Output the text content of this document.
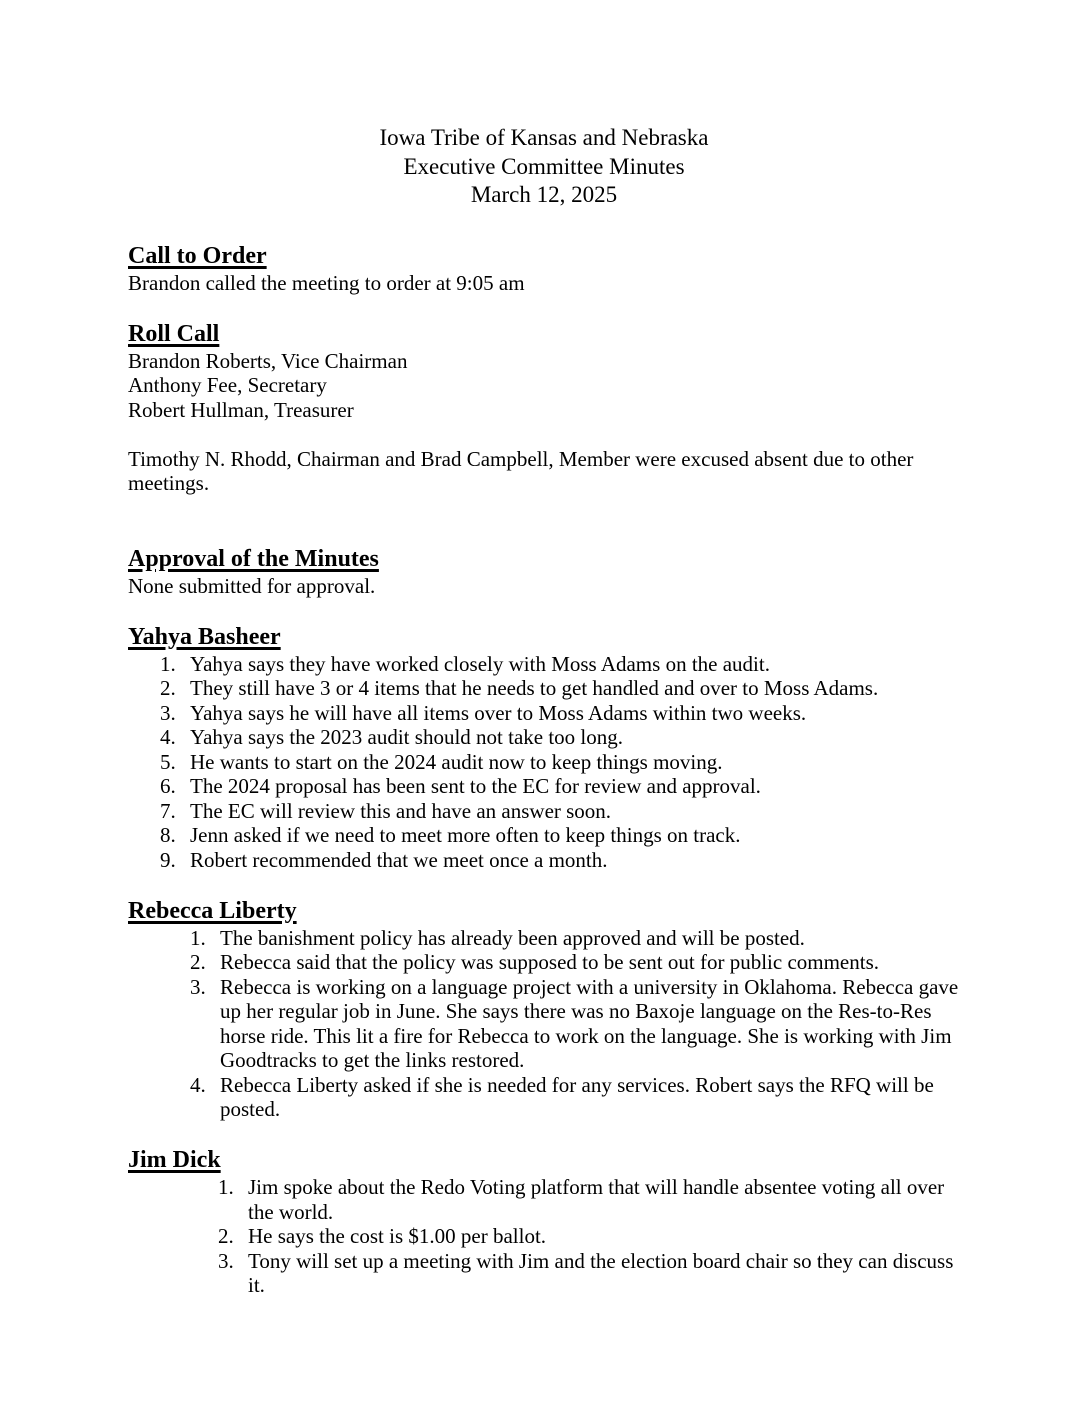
Iowa Tribe of Kansas and Nebraska
Executive Committee Minutes
March 12, 2025
Call to Order

Brandon called the meeting to order at 9:05 am

Roll Call

Brandon Roberts, Vice Chairman

Anthony Fee, Secretary

Robert Hullman, Treasurer

Timothy N. Rhodd, Chairman and Brad Campbell, Member were excused absent due to other meetings.

Approval of the Minutes

None submitted for approval.

Yahya Basheer
1. Yahya says they have worked closely with Moss Adams on the audit.
2. They still have 3 or 4 items that he needs to get handled and over to Moss Adams.
3. Yahya says he will have all items over to Moss Adams within two weeks.
4. Yahya says the 2023 audit should not take too long.
5. He wants to start on the 2024 audit now to keep things moving.
6. The 2024 proposal has been sent to the EC for review and approval.
7. The EC will review this and have an answer soon.
8. Jenn asked if we need to meet more often to keep things on track.
9. Robert recommended that we meet once a month.
Rebecca Liberty
1. The banishment policy has already been approved and will be posted.
2. Rebecca said that the policy was supposed to be sent out for public comments.
3. Rebecca is working on a language project with a university in Oklahoma. Rebecca gave up her regular job in June. She says there was no Baxoje language on the Res-to-Res horse ride. This lit a fire for Rebecca to work on the language. She is working with Jim Goodtracks to get the links restored.
4. Rebecca Liberty asked if she is needed for any services. Robert says the RFQ will be posted.
Jim Dick
1. Jim spoke about the Redo Voting platform that will handle absentee voting all over the world.
2. He says the cost is $1.00 per ballot.
3. Tony will set up a meeting with Jim and the election board chair so they can discuss it.
